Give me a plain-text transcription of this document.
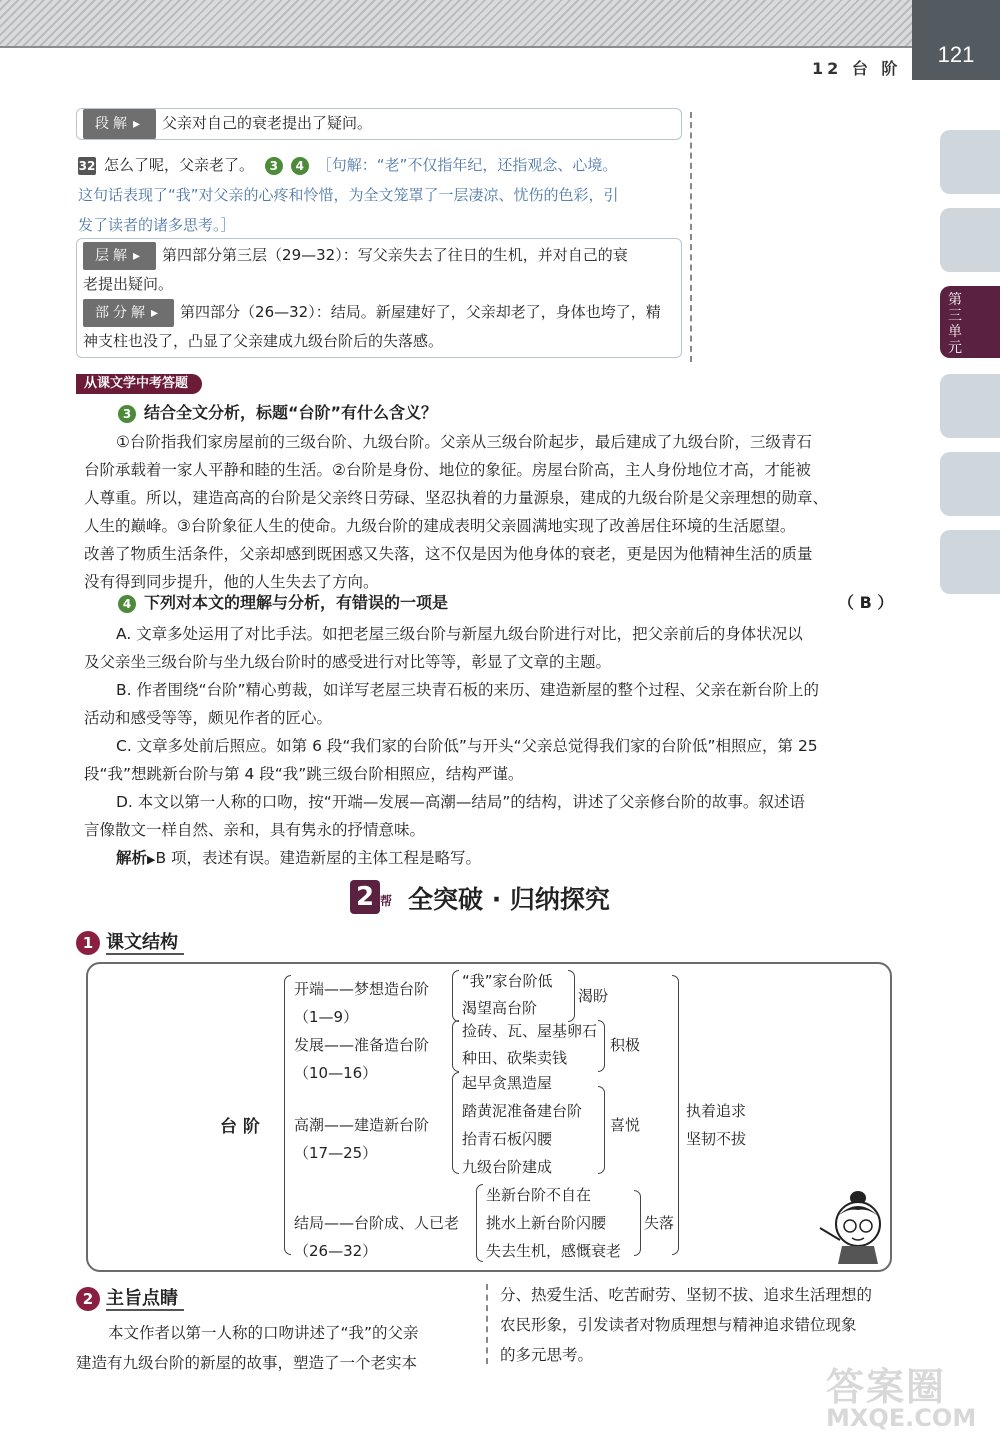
121
12 台 阶
第三单元
段解 ▸ 父亲对自己的衰老提出了疑问。
32 怎么了呢，父亲老了。 3 4 ［句解：“老”不仅指年纪，还指观念、心境。
这句话表现了“我”对父亲的心疼和怜惜，为全文笼罩了一层凄凉、忧伤的色彩，引
发了读者的诸多思考。］
层解 ▸ 第四部分第三层（29—32）：写父亲失去了往日的生机，并对自己的衰
老提出疑问。
部分解 ▸ 第四部分（26—32）：结局。新屋建好了，父亲却老了，身体也垮了，精
神支柱也没了，凸显了父亲建成九级台阶后的失落感。
从课文学中考答题
3 结合全文分析，标题“台阶”有什么含义？
①台阶指我们家房屋前的三级台阶、九级台阶。父亲从三级台阶起步，最后建成了九级台阶，三级青石
台阶承载着一家人平静和睦的生活。②台阶是身份、地位的象征。房屋台阶高，主人身份地位才高，才能被
人尊重。所以，建造高高的台阶是父亲终日劳碌、坚忍执着的力量源泉，建成的九级台阶是父亲理想的勋章、
人生的巅峰。③台阶象征人生的使命。九级台阶的建成表明父亲圆满地实现了改善居住环境的生活愿望。
改善了物质生活条件，父亲却感到既困惑又失落，这不仅是因为他身体的衰老，更是因为他精神生活的质量
没有得到同步提升，他的人生失去了方向。
4 下列对本文的理解与分析，有错误的一项是	（ B ）
A. 文章多处运用了对比手法。如把老屋三级台阶与新屋九级台阶进行对比，把父亲前后的身体状况以
及父亲坐三级台阶与坐九级台阶时的感受进行对比等等，彰显了文章的主题。
B. 作者围绕“台阶”精心剪裁，如详写老屋三块青石板的来历、建造新屋的整个过程、父亲在新台阶上的
活动和感受等等，颇见作者的匠心。
C. 文章多处前后照应。如第 6 段“我们家的台阶低”与开头“父亲总觉得我们家的台阶低”相照应，第 25
段“我”想跳新台阶与第 4 段“我”跳三级台阶相照应，结构严谨。
D. 本文以第一人称的口吻，按“开端—发展—高潮—结局”的结构，讲述了父亲修台阶的故事。叙述语
言像散文一样自然、亲和，具有隽永的抒情意味。
解析▶B 项，表述有误。建造新屋的主体工程是略写。
2 帮 全突破 · 归纳探究
1 课文结构
台 阶
开端——梦想造台阶
（1—9）
“我”家台阶低
渴望高台阶
渴盼
发展——准备造台阶
（10—16）
捡砖、瓦、屋基卵石
种田、砍柴卖钱
积极
高潮——建造新台阶
（17—25）
起早贪黑造屋
踏黄泥准备建台阶
抬青石板闪腰
九级台阶建成
喜悦
结局——台阶成、人已老
（26—32）
坐新台阶不自在
挑水上新台阶闪腰
失去生机，感慨衰老
失落
执着追求
坚韧不拔
2 主旨点睛
本文作者以第一人称的口吻讲述了“我”的父亲
建造有九级台阶的新屋的故事，塑造了一个老实本
分、热爱生活、吃苦耐劳、坚韧不拔、追求生活理想的
农民形象，引发读者对物质理想与精神追求错位现象
的多元思考。
答案圈
MXQE.COM
